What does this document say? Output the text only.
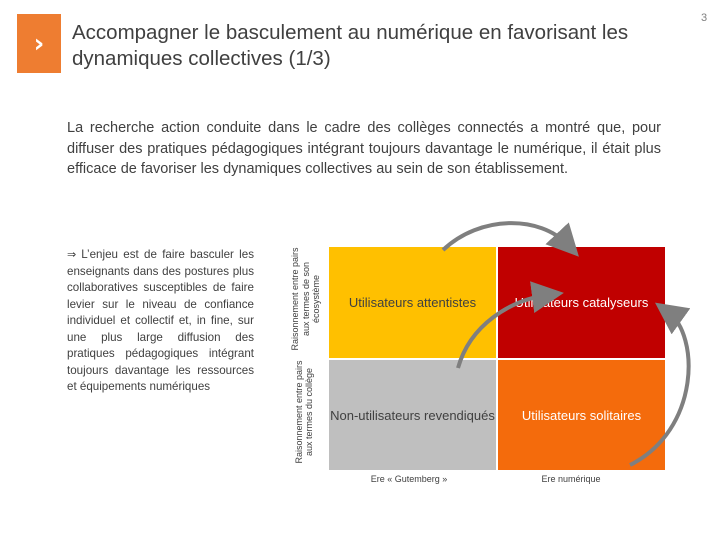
› Accompagner le basculement au numérique en favorisant les dynamiques collectives (1/3)
3
La recherche action conduite dans le cadre des collèges connectés a montré que, pour diffuser des pratiques pédagogiques intégrant toujours davantage le numérique, il était plus efficace de favoriser les dynamiques collectives au sein de son établissement.
⇒ L’enjeu est de faire basculer les enseignants dans des postures plus collaboratives susceptibles de faire levier sur le niveau de confiance individuel et collectif et, in fine, sur une plus large diffusion des pratiques pédagogiques intégrant toujours davantage les ressources et équipements numériques
Raisonnement entre pairs aux termes de son écosystème
Raisonnement entre pairs aux termes du collège
Utilisateurs attentistes	Utilisateurs catalyseurs
Non-utilisateurs revendiqués	Utilisateurs solitaires
Ere « Gutemberg »	Ere numérique
